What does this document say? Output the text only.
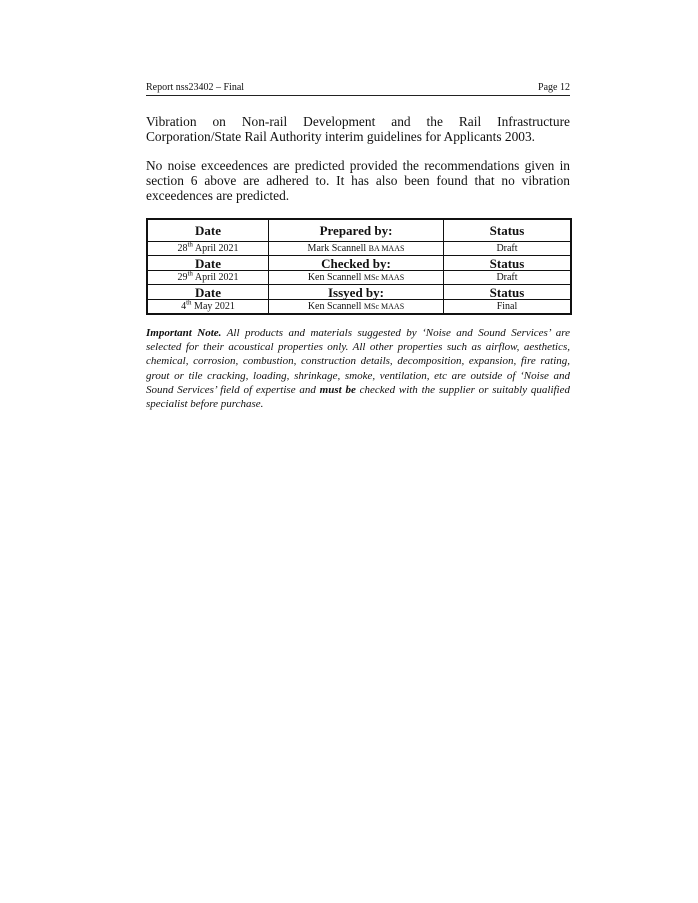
Report nss23402 – Final	Page 12

Vibration on Non-rail Development and the Rail Infrastructure Corporation/State Rail Authority interim guidelines for Applicants 2003.

No noise exceedences are predicted provided the recommendations given in section 6 above are adhered to. It has also been found that no vibration exceedences are predicted.

Date	Prepared by:	Status
28th April 2021	Mark Scannell BA MAAS	Draft
Date	Checked by:	Status
29th April 2021	Ken Scannell MSc MAAS	Draft
Date	Issyed by:	Status
4th May 2021	Ken Scannell MSc MAAS	Final

Important Note. All products and materials suggested by ‘Noise and Sound Services’ are selected for their acoustical properties only. All other properties such as airflow, aesthetics, chemical, corrosion, combustion, construction details, decomposition, expansion, fire rating, grout or tile cracking, loading, shrinkage, smoke, ventilation, etc are outside of ‘Noise and Sound Services’ field of expertise and must be checked with the supplier or suitably qualified specialist before purchase.
